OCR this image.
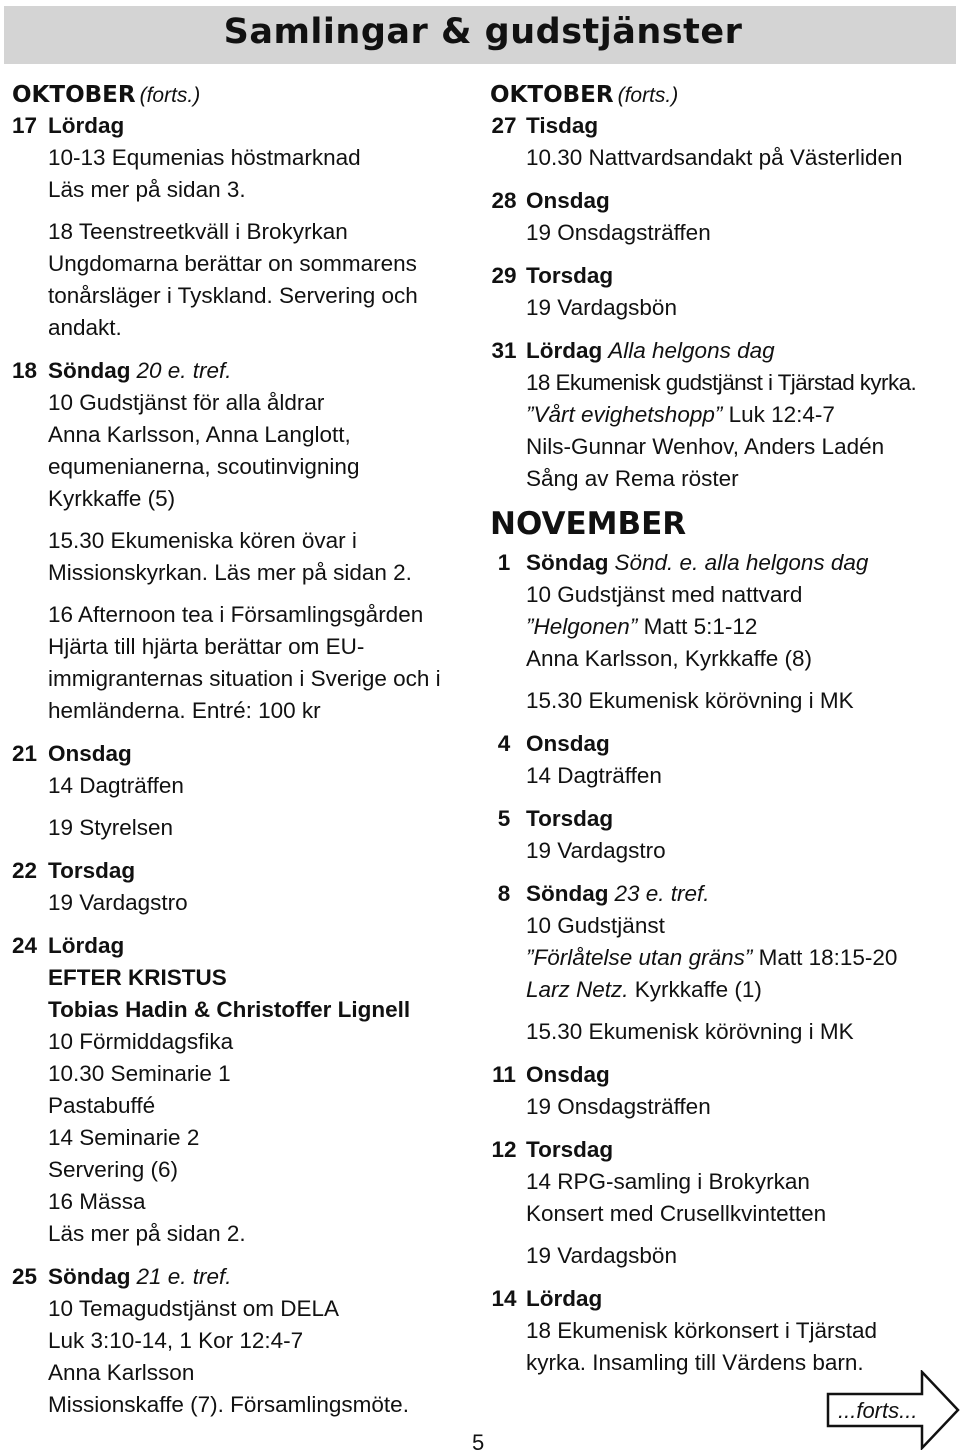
Samlingar & gudstjänster
OKTOBER (forts.)
17 Lördag
10-13 Equmenias höstmarknad
Läs mer på sidan 3.
18 Teenstreetkväll i Brokyrkan
Ungdomarna berättar on sommarens
tonårsläger i Tyskland. Servering och
andakt.
18 Söndag 20 e. tref.
10 Gudstjänst för alla åldrar
Anna Karlsson, Anna Langlott,
equmenianerna, scoutinvigning
Kyrkkaffe (5)
15.30 Ekumeniska kören övar i
Missionskyrkan. Läs mer på sidan 2.
16 Afternoon tea i Församlingsgården
Hjärta till hjärta berättar om EU-
immigranternas situation i Sverige och i
hemländerna. Entré: 100 kr
21 Onsdag
14 Dagträffen
19 Styrelsen
22 Torsdag
19 Vardagstro
24 Lördag
EFTER KRISTUS
Tobias Hadin & Christoffer Lignell
10 Förmiddagsfika
10.30 Seminarie 1
Pastabuffé
14 Seminarie 2
Servering (6)
16 Mässa
Läs mer på sidan 2.
25 Söndag 21 e. tref.
10 Temagudstjänst om DELA
Luk 3:10-14, 1 Kor 12:4-7
Anna Karlsson
Missionskaffe (7). Församlingsmöte.
OKTOBER (forts.)
27 Tisdag
10.30 Nattvardsandakt på Västerliden
28 Onsdag
19 Onsdagsträffen
29 Torsdag
19 Vardagsbön
31 Lördag Alla helgons dag
18 Ekumenisk gudstjänst i Tjärstad kyrka.
”Vårt evighetshopp” Luk 12:4-7
Nils-Gunnar Wenhov, Anders Ladén
Sång av Rema röster
NOVEMBER
1 Söndag Sönd. e. alla helgons dag
10 Gudstjänst med nattvard
”Helgonen” Matt 5:1-12
Anna Karlsson, Kyrkkaffe (8)
15.30 Ekumenisk körövning i MK
4 Onsdag
14 Dagträffen
5 Torsdag
19 Vardagstro
8 Söndag 23 e. tref.
10 Gudstjänst
”Förlåtelse utan gräns” Matt 18:15-20
Larz Netz. Kyrkkaffe (1)
15.30 Ekumenisk körövning i MK
11 Onsdag
19 Onsdagsträffen
12 Torsdag
14 RPG-samling i Brokyrkan
Konsert med Crusellkvintetten
19 Vardagsbön
14 Lördag
18 Ekumenisk körkonsert i Tjärstad
kyrka. Insamling till Värdens barn.
5
...forts...
